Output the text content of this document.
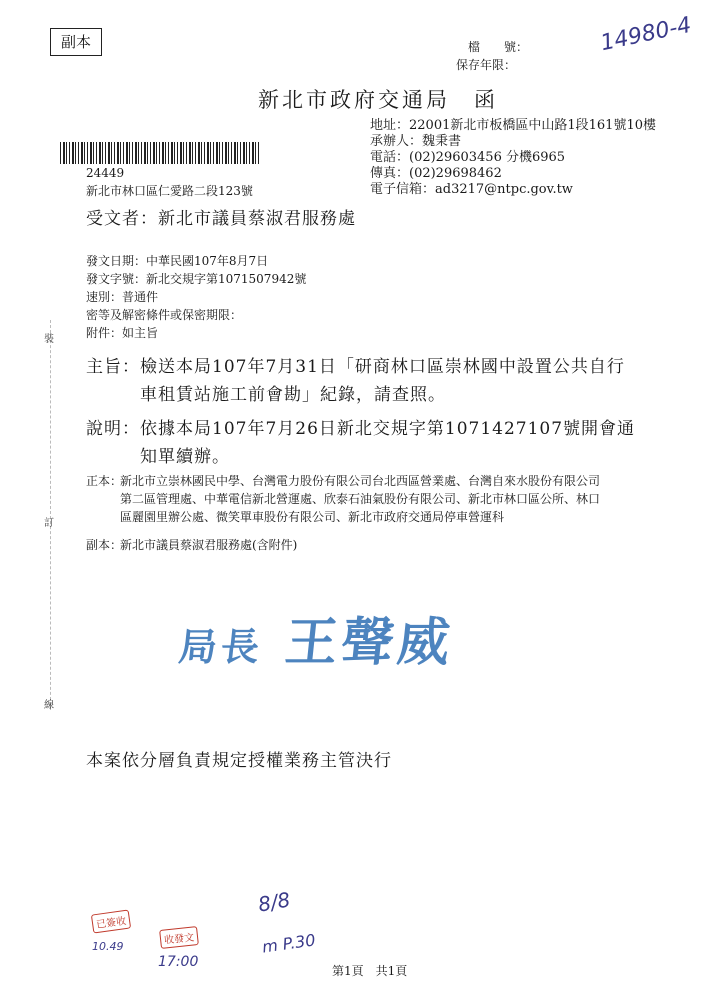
副本	檔　　號：
保存年限：
14980-4
新北市政府交通局　函
地址：22001新北市板橋區中山路1段161號10樓
承辦人：魏秉書
電話：(02)29603456 分機6965
傳真：(02)29698462
電子信箱：ad3217@ntpc.gov.tw
24449
新北市林口區仁愛路二段123號
受文者：新北市議員蔡淑君服務處
發文日期：中華民國107年8月7日
發文字號：新北交規字第1071507942號
速別：普通件
密等及解密條件或保密期限：
附件：如主旨
主旨： 檢送本局107年7月31日「研商林口區崇林國中設置公共自行
車租賃站施工前會勘」紀錄，請查照。
說明： 依據本局107年7月26日新北交規字第1071427107號開會通
知單續辦。
正本：
新北市立崇林國民中學、台灣電力股份有限公司台北西區營業處、台灣自來水股份有限公司第二區管理處、中華電信新北營運處、欣泰石油氣股份有限公司、新北市林口區公所、林口區麗園里辦公處、微笑單車股份有限公司、新北市政府交通局停車營運科
副本：
新北市議員蔡淑君服務處(含附件)
裝
訂
線
局長 王聲威
本案依分層負責規定授權業務主管決行
已簽收
10.49	收發文
17:00
8/8
m P.30
第1頁　共1頁
